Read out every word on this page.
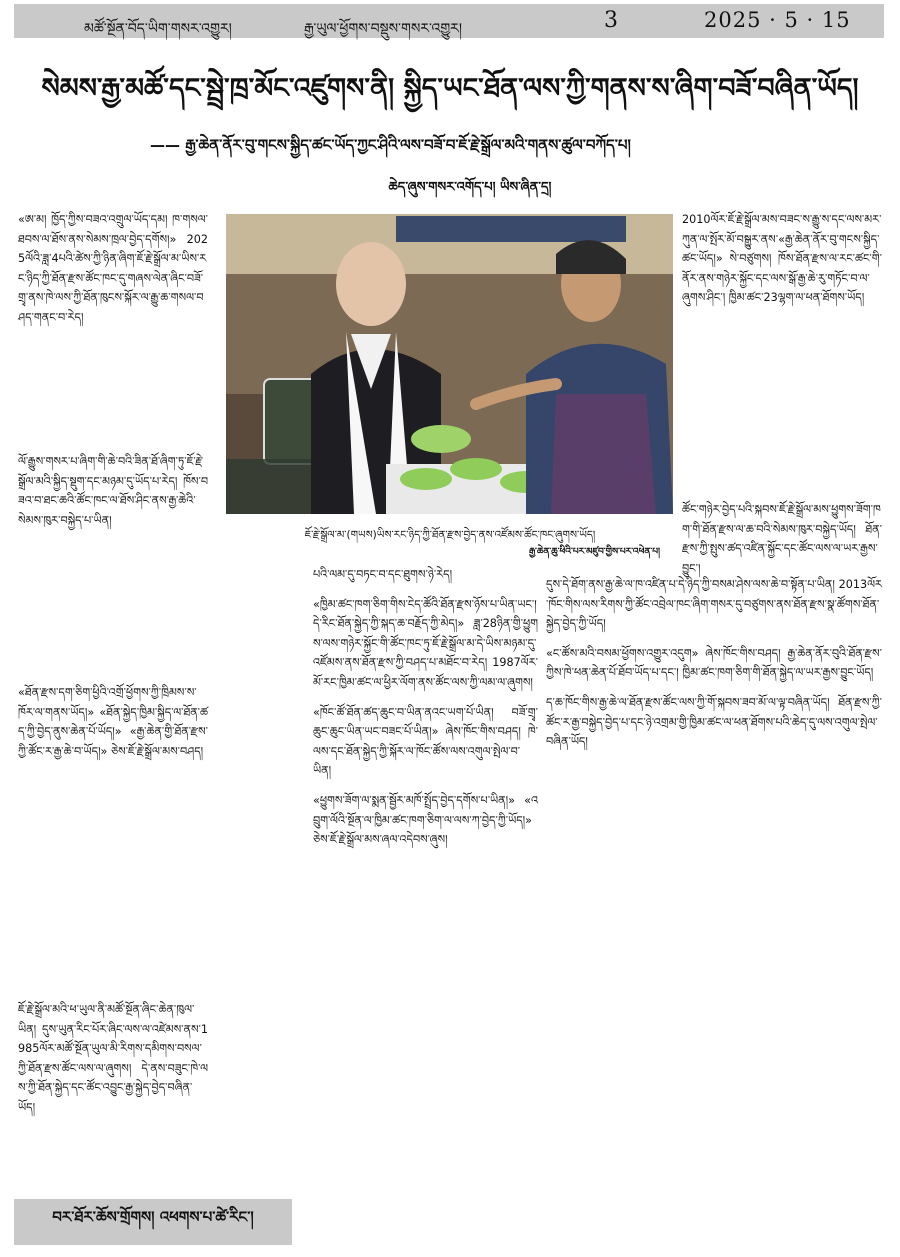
མཚོ་སྔོན་བོད་ཡིག་གསར་འགྱུར།	རྒྱ་ཡུལ་ཕྱོགས་བསྡུས་གསར་འགྱུར།	3	2025 · 5 · 15
སེམས་རྒྱ་མཚོ་དང་སྦྲེ་ཁྲ་མོང་འཛུགས་ནི། སྐྱིད་ཡང་ཐོན་ལས་ཀྱི་གནས་ས་ཞིག་བཟོ་བཞིན་ཡོད།
—— རྒྱ་ཆེན་ནོར་བུ་གངས་སྐྱིད་ཚང་ཡོད་ཀྱང་ཤིའི་ལས་བཟོ་བ་ཇོ་རྗེ་སྒྲོལ་མའི་གནས་ཚུལ་བཀོད་པ།
ཆེད་ཞུས་གསར་འགོད་པ། ཡིས་ཞིན་དྲ།
«ཨ་མ། ཁྱོད་ཀྱིས་བཟའ་འགྲུལ་ཡོད་དམ། ཁ་གསལ་ཐབས་ལ་ཐོས་ནས་སེམས་ཁྲལ་བྱེད་དགོས།» 2025ལོའི་ཟླ་4པའི་ཚེས་ཀྱི་ཉིན་ཞིག་ཇོ་རྗེ་སྒྲོལ་མ་ཡིས་རང་ཉིད་ཀྱི་ཐོན་རྫས་ཚོང་ཁང་དུ་གཞས་ལེན་ཞིང་བཟོ་གྲྭ་ནས་ཁེ་ལས་ཀྱི་ཐོན་ཁུངས་སྐོར་ལ་རྒྱུ་ཆ་གསལ་བཤད་གནང་བ་རེད།
ལོ་རྒྱུས་གསར་པ་ཞིག་གི་ཆེ་བའི་ཟིན་ཐོ་ཞིག་ཏུ་ཇོ་རྗེ་སྒྲོལ་མའི་སྐྱིད་སྡུག་དང་མཉམ་དུ་ཡོད་པ་རེད། ཁོས་བཟའ་བ་ཐང་ཆའི་ཚོང་ཁང་ལ་ཐོས་ཤིང་ནས་རྒྱ་ཆེའི་སེམས་ཁུར་བསྐྱེད་པ་ཡིན།
«ཐོན་རྫས་དག་ཅིག་ཕྱིའི་འགྲོ་ཕྱོགས་ཀྱི་ཁྲིམས་ས་ཁོར་ལ་གནས་ཡོད།» «ཐོན་སྐྱེད་ཁྱིམ་སྐྱིད་ལ་ཐོན་ཚད་ཀྱི་བྱེད་ནུས་ཆེན་པོ་ཡོད།» «རྒྱ་ཆེན་གྱི་ཐོན་རྫས་ཀྱི་ཚོང་ར་རྒྱ་ཆེ་བ་ཡོད།» ཅེས་ཇོ་རྗེ་སྒྲོལ་མས་བཤད།
ཇོ་རྗེ་སྒྲོལ་མའི་ཕ་ཡུལ་ནི་མཚོ་སྔོན་ཞིང་ཆེན་ཁུལ་ཡིན། དུས་ཡུན་རིང་པོར་ཞིང་ལས་ལ་འཛེམས་ནས་1985ལོར་མཚོ་སྔོན་ཡུལ་མི་རིགས་དམིགས་བསལ་ཀྱི་ཐོན་རྫས་ཚོང་ལས་ལ་ཞུགས། དེ་ནས་བཟུང་ཁེ་ལས་ཀྱི་ཐོན་སྐྱེད་དང་ཚོང་འབྱུང་རྒྱ་སྐྱེད་བྱེད་བཞིན་ཡོད།
ཇོ་རྗེ་སྒྲོལ་མ་(གཡས)ཡིས་རང་ཉིད་ཀྱི་ཐོན་རྫས་བྱེད་ནས་འཛོམས་ཚོང་ཁང་ཞུགས་ཡོད།
རྒྱ་ཆེན་ཆུ་ཕིའི་པར་མཛུབ་གྱིས་པར་འཕེན་པ།
པའི་ལམ་དུ་བཏང་བ་དང་ཐུགས་ཉེ་རེད།
«ཁྱིམ་ཚང་ཁག་ཅིག་གིས་ངེད་ཚོའི་ཐོན་རྫས་ཉོས་པ་ཡིན་ཡང་། དེ་རིང་ཐོན་སྐྱེད་ཀྱི་སྐད་ཆ་བརྗོད་ཀྱི་མེད།» ཟླ་28ཉིན་གྱི་ཕྱུགས་ལས་གཉེར་སྐྱོང་གི་ཚོང་ཁང་ཏུ་ཇོ་རྗེ་སྒྲོལ་མ་དེ་ཡིས་མཉམ་དུ་འཛོམས་ནས་ཐོན་རྫས་ཀྱི་བཤད་པ་མཐོང་བ་རེད། 1987ལོར་མོ་རང་ཁྱིམ་ཚང་ལ་ཕྱིར་ལོག་ནས་ཚོང་ལས་ཀྱི་ལམ་ལ་ཞུགས།
«ཁོང་ཚོ་ཐོན་ཚད་ཆུང་བ་ཡིན་ནའང་ཡག་པོ་ཡིན། བཟོ་གྲྭ་ཆུང་ཆུང་ཡིན་ཡང་བཟང་པོ་ཡིན།» ཞེས་ཁོང་གིས་བཤད། ཁེ་ལས་དང་ཐོན་སྐྱེད་ཀྱི་སྐོར་ལ་ཁོང་ཚོས་ལས་འགུལ་སྤེལ་བ་ཡིན།
«ཕྱུགས་ཟོག་ལ་སྨན་སྦྱོར་མཁོ་སྤྲོད་བྱེད་དགོས་པ་ཡིན།» «འབྲུག་ལོའི་སྔོན་ལ་ཁྱིམ་ཚང་ཁག་ཅིག་ལ་ལས་ཀ་བྱེད་ཀྱི་ཡོད།» ཅེས་ཇོ་རྗེ་སྒྲོལ་མས་ཞལ་འདེབས་ཞུས།
དུས་དེ་ཐོག་ནས་རྒྱ་ཆེ་ལ་ཁ་འཛིན་པ་དེ་ཉིད་ཀྱི་བསམ་ཤེས་ལས་ཆེ་བ་སྟོན་པ་ཡིན། 2013ལོར་ཁོང་གིས་ལས་རིགས་ཀྱི་ཚོང་འབྲེལ་ཁང་ཞིག་གསར་དུ་བཙུགས་ནས་ཐོན་རྫས་སྣ་ཚོགས་ཐོན་སྐྱེད་བྱེད་ཀྱི་ཡོད།
«ང་ཚོས་མའི་བསམ་ཕྱོགས་འགྱུར་འདུག» ཞེས་ཁོང་གིས་བཤད། རྒྱ་ཆེན་ནོར་བུའི་ཐོན་རྫས་ཀྱིས་ཁེ་ཕན་ཆེན་པོ་ཐོབ་ཡོད་པ་དང་། ཁྱིམ་ཚང་ཁག་ཅིག་གི་ཐོན་སྐྱེད་ལ་ཡར་རྒྱས་བྱུང་ཡོད།
ད་ཆ་ཁོང་གིས་རྒྱ་ཆེ་ལ་ཐོན་རྫས་ཚོང་ལས་ཀྱི་གོ་སྐབས་ཟབ་མོ་ལ་ལྟ་བཞིན་ཡོད། ཐོན་རྫས་ཀྱི་ཚོང་ར་རྒྱ་བསྐྱེད་བྱེད་པ་དང་ཉེ་འགྲམ་གྱི་ཁྱིམ་ཚང་ལ་ཕན་ཐོགས་པའི་ཆེད་དུ་ལས་འགུལ་སྤེལ་བཞིན་ཡོད།
2010ལོར་ཇོ་རྗེ་སྒྲོལ་མས་བཟང་ས་རྒྱུ་ས་དང་ལས་མར་ཀུན་ལ་སྤོར་མོ་བསྒྱུར་ནས་«རྒྱ་ཆེན་ནོར་བུ་གངས་སྐྱིད་ཚང་ཡོད།» སེ་བཙུགས། ཁོས་ཐོན་རྫས་ལ་རང་ཚང་གི་ནོར་ནས་གཉེར་སྐྱོང་དང་ལས་སྒོ་རྒྱ་ཆེ་རུ་གཏོང་བ་ལ་ཞུགས་ཤིང་། ཁྱིམ་ཚང་23ལྷག་ལ་ཕན་ཐོགས་ཡོད།
ཚོང་གཉེར་བྱེད་པའི་སྐབས་ཇོ་རྗེ་སྒྲོལ་མས་ཕྱུགས་ཟོག་ཁག་གི་ཐོན་རྫས་ལ་ཆ་བའི་སེམས་ཁུར་བསྐྱེད་ཡོད། ཐོན་རྫས་ཀྱི་སྤུས་ཚད་འཛིན་སྐྱོང་དང་ཚོང་ལས་ལ་ཡར་རྒྱས་བྱུང་།
བར་ཐོར་ཆོས་གྲོགས། འཕགས་པ་ཚེ་རིང་།
